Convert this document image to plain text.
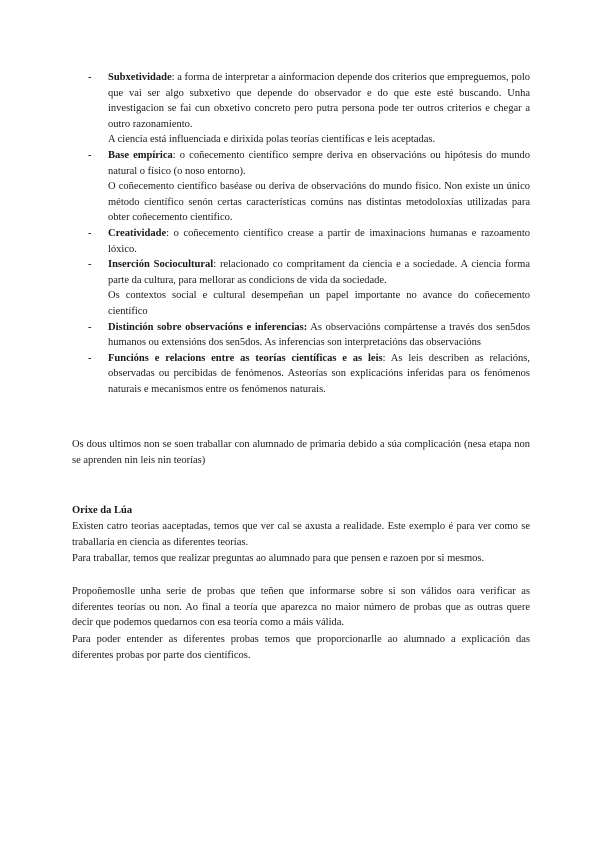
- Subxetividade: a forma de interpretar a ainformacion depende dos criterios que empreguemos, polo que vai ser algo subxetivo que depende do observador e do que este esté buscando. Unha investigacion se fai cun obxetivo concreto pero putra persona pode ter outros criterios e chegar a outro razonamiento.

A ciencia está influenciada e dirixida polas teorías científicas e leis aceptadas.

- Base empírica: o coñecemento científico sempre deriva en observacións ou hipótesis do mundo natural o físico (o noso entorno).

O coñecemento científico baséase ou deriva de observacións do mundo físico. Non existe un único método científico senón certas características comúns nas distintas metodoloxías utilizadas para obter coñecemento científico.

- Creatividade: o coñecemento científico crease a partir de imaxinacions humanas e razoamento lóxico.

- Inserción Sociocultural: relacionado co compritament da ciencia e a sociedade. A ciencia forma parte da cultura, para mellorar as condicions de vida da sociedade.

Os contextos social e cultural desempeñan un papel importante no avance do coñecemento científico

- Distinción sobre observacións e inferencias: As observacións compártense a través dos sen5dos humanos ou extensións dos sen5dos. As inferencias son interpretacións das observacións

- Funcións e relacions entre as teorías científicas e as leis: As leis describen as relacións, observadas ou percibidas de fenómenos. Asteorías son explicacións inferidas para os fenómenos naturais e mecanismos entre os fenómenos naturais.

Os dous ultimos non se soen traballar con alumnado de primaria debido a súa complicación (nesa etapa non se aprenden nin leis nin teorías)

Orixe da Lúa

Existen catro teorias aaceptadas, temos que ver cal se axusta a realidade. Este exemplo é para ver como se traballaría en ciencia as diferentes teorías.

Para traballar, temos que realizar preguntas ao alumnado para que pensen e razoen por si mesmos.

Propoñemoslle unha serie de probas que teñen que informarse sobre si son válidos oara verificar as diferentes teorías ou non. Ao final a teoría que aparezca no maior número de probas que as outras quere decir que podemos quedarnos con esa teoría como a máis válida.

Para poder entender as diferentes probas temos que proporcionarlle ao alumnado a explicación das diferentes probas por parte dos científicos.
